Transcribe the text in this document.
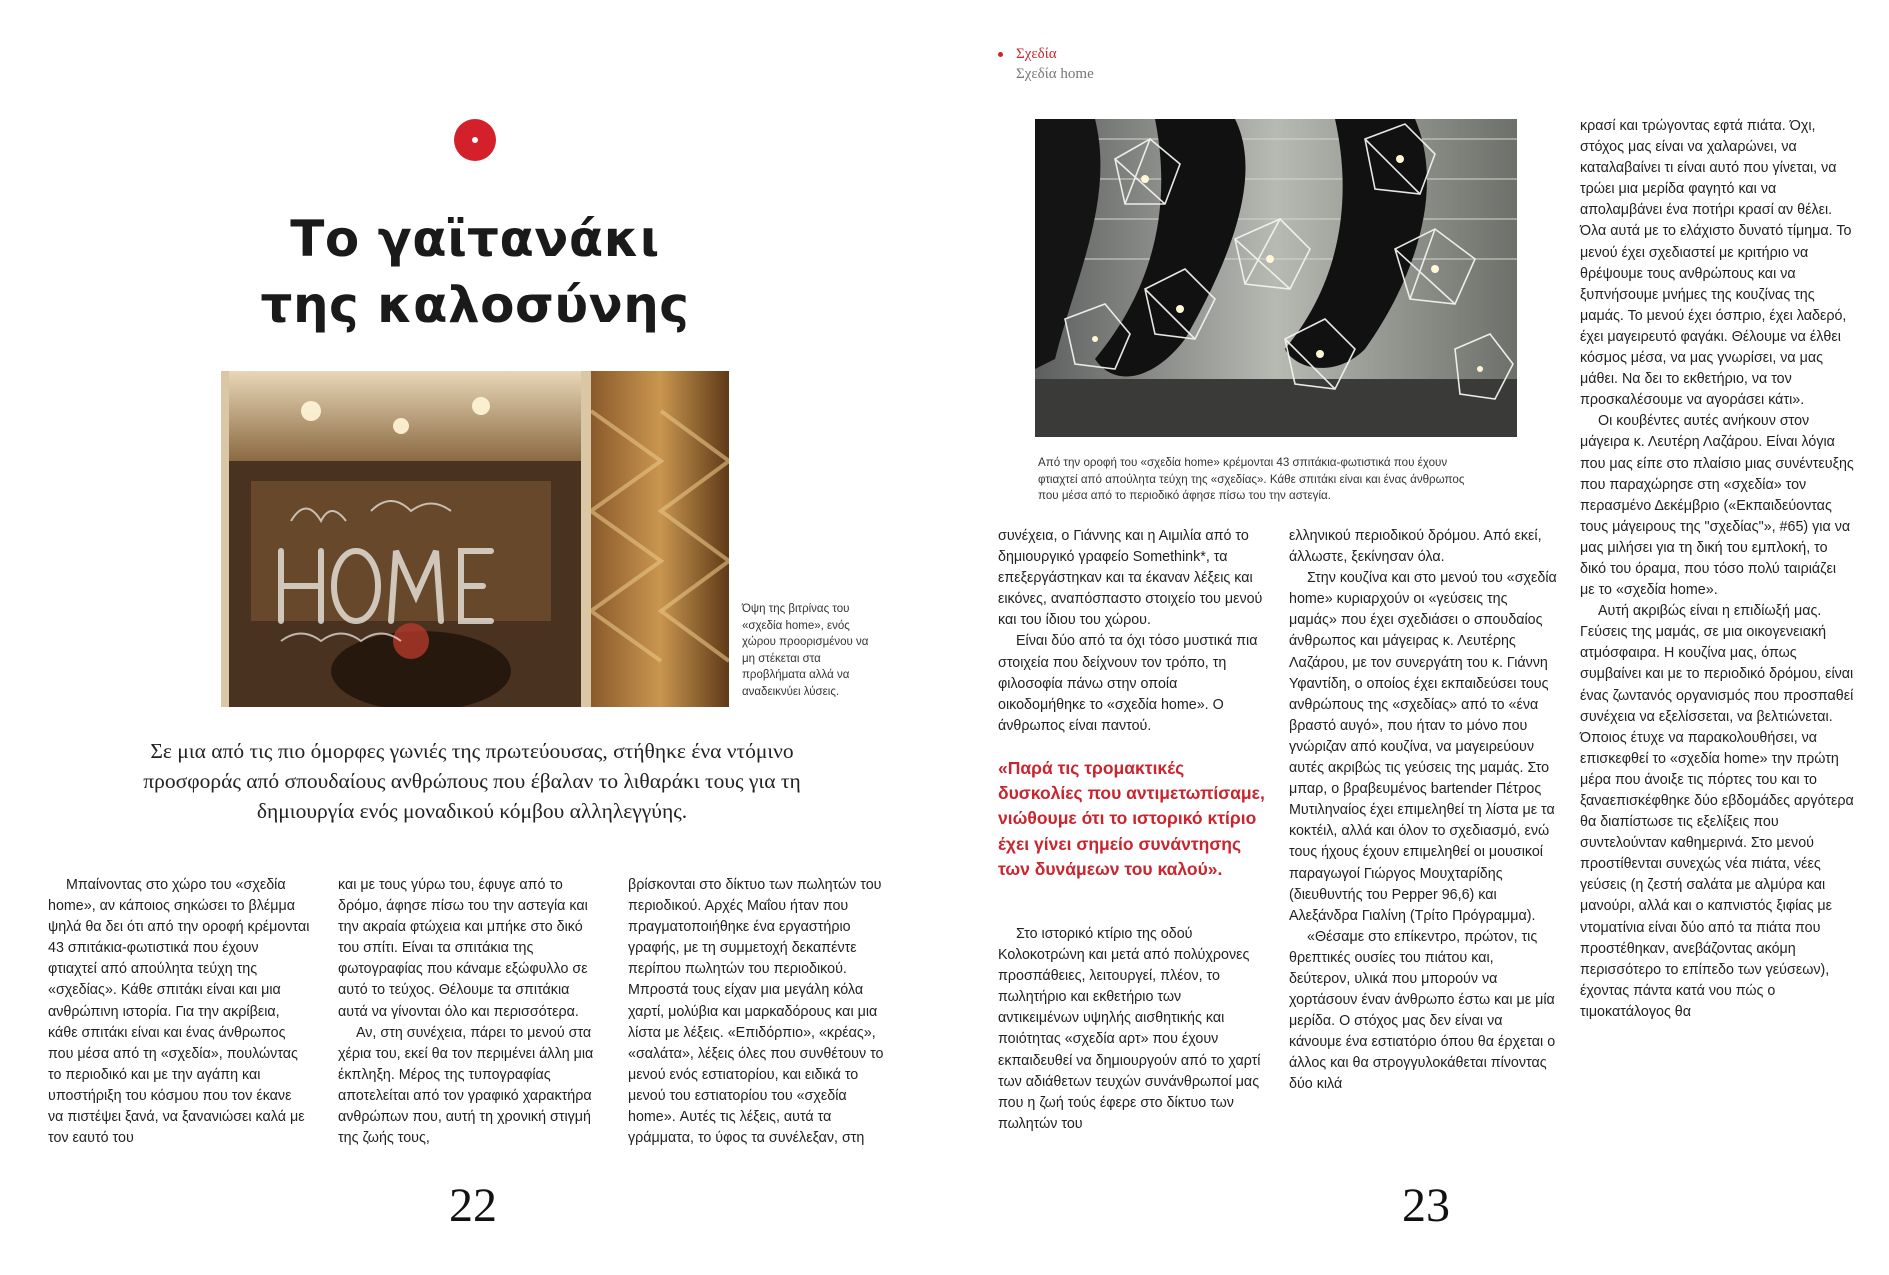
Το γαϊτανάκι
της καλοσύνης
Όψη της βιτρίνας του «σχεδία home», ενός χώρου προορισμένου να μη στέκεται στα προβλήματα αλλά να αναδεικνύει λύσεις.

Σε μια από τις πιο όμορφες γωνιές της πρωτεύουσας, στήθηκε ένα ντόμινο προσφοράς από σπουδαίους ανθρώπους που έβαλαν το λιθαράκι τους για τη δημιουργία ενός μοναδικού κόμβου αλληλεγγύης.

Μπαίνοντας στο χώρο του «σχεδία home», αν κάποιος σηκώσει το βλέμμα ψηλά θα δει ότι από την οροφή κρέμονται 43 σπιτάκια-φωτιστικά που έχουν φτιαχτεί από απούλητα τεύχη της «σχεδίας». Κάθε σπιτάκι είναι και μια ανθρώπινη ιστορία. Για την ακρίβεια, κάθε σπιτάκι είναι και ένας άνθρωπος που μέσα από τη «σχεδία», πουλώντας το περιοδικό και με την αγάπη και υποστήριξη του κόσμου που τον έκανε να πιστέψει ξανά, να ξανανιώσει καλά με τον εαυτό του

και με τους γύρω του, έφυγε από το δρόμο, άφησε πίσω του την αστεγία και την ακραία φτώχεια και μπήκε στο δικό του σπίτι. Είναι τα σπιτάκια της φωτογραφίας που κάναμε εξώφυλλο σε αυτό το τεύχος. Θέλουμε τα σπιτάκια αυτά να γίνονται όλο και περισσότερα.

Αν, στη συνέχεια, πάρει το μενού στα χέρια του, εκεί θα τον περιμένει άλλη μια έκπληξη. Μέρος της τυπογραφίας αποτελείται από τον γραφικό χαρακτήρα ανθρώπων που, αυτή τη χρονική στιγμή της ζωής τους,

βρίσκονται στο δίκτυο των πωλητών του περιοδικού. Αρχές Μαΐου ήταν που πραγματοποιήθηκε ένα εργαστήριο γραφής, με τη συμμετοχή δεκαπέντε περίπου πωλητών του περιοδικού. Μπροστά τους είχαν μια μεγάλη κόλα χαρτί, μολύβια και μαρκαδόρους και μια λίστα με λέξεις. «Επιδόρπιο», «κρέας», «σαλάτα», λέξεις όλες που συνθέτουν το μενού ενός εστιατορίου, και ειδικά το μενού του εστιατορίου του «σχεδία home». Αυτές τις λέξεις, αυτά τα γράμματα, το ύφος τα συνέλεξαν, στη

22
Σχεδία
Σχεδία home
Από την οροφή του «σχεδία home» κρέμονται 43 σπιτάκια-φωτιστικά που έχουν φτιαχτεί από απούλητα τεύχη της «σχεδίας». Κάθε σπιτάκι είναι και ένας άνθρωπος που μέσα από το περιοδικό άφησε πίσω του την αστεγία.

συνέχεια, ο Γιάννης και η Αιμιλία από το δημιουργικό γραφείο Somethink*, τα επεξεργάστηκαν και τα έκαναν λέξεις και εικόνες, αναπόσπαστο στοιχείο του μενού και του ίδιου του χώρου.

Είναι δύο από τα όχι τόσο μυστικά πια στοιχεία που δείχνουν τον τρόπο, τη φιλοσοφία πάνω στην οποία οικοδομήθηκε το «σχεδία home». Ο άνθρωπος είναι παντού.

«Παρά τις τρομακτικές δυσκολίες που αντιμετωπίσαμε, νιώθουμε ότι το ιστορικό κτίριο έχει γίνει σημείο συνάντησης των δυνάμεων του καλού».

Στο ιστορικό κτίριο της οδού Κολοκοτρώνη και μετά από πολύχρονες προσπάθειες, λειτουργεί, πλέον, το πωλητήριο και εκθετήριο των αντικειμένων υψηλής αισθητικής και ποιότητας «σχεδία αρτ» που έχουν εκπαιδευθεί να δημιουργούν από το χαρτί των αδιάθετων τευχών συνάνθρωποί μας που η ζωή τούς έφερε στο δίκτυο των πωλητών του

ελληνικού περιοδικού δρόμου. Από εκεί, άλλωστε, ξεκίνησαν όλα.

Στην κουζίνα και στο μενού του «σχεδία home» κυριαρχούν οι «γεύσεις της μαμάς» που έχει σχεδιάσει ο σπουδαίος άνθρωπος και μάγειρας κ. Λευτέρης Λαζάρου, με τον συνεργάτη του κ. Γιάννη Υφαντίδη, ο οποίος έχει εκπαιδεύσει τους ανθρώπους της «σχεδίας» από το «ένα βραστό αυγό», που ήταν το μόνο που γνώριζαν από κουζίνα, να μαγειρεύουν αυτές ακριβώς τις γεύσεις της μαμάς. Στο μπαρ, ο βραβευμένος bartender Πέτρος Μυτιληναίος έχει επιμεληθεί τη λίστα με τα κοκτέιλ, αλλά και όλον το σχεδιασμό, ενώ τους ήχους έχουν επιμεληθεί οι μουσικοί παραγωγοί Γιώργος Μουχταρίδης (διευθυντής του Pepper 96,6) και Αλεξάνδρα Γιαλίνη (Τρίτο Πρόγραμμα).

«Θέσαμε στο επίκεντρο, πρώτον, τις θρεπτικές ουσίες του πιάτου και, δεύτερον, υλικά που μπορούν να χορτάσουν έναν άνθρωπο έστω και με μία μερίδα. Ο στόχος μας δεν είναι να κάνουμε ένα εστιατόριο όπου θα έρχεται ο άλλος και θα στρογγυλοκάθεται πίνοντας δύο κιλά

κρασί και τρώγοντας εφτά πιάτα. Όχι, στόχος μας είναι να χαλαρώνει, να καταλαβαίνει τι είναι αυτό που γίνεται, να τρώει μια μερίδα φαγητό και να απολαμβάνει ένα ποτήρι κρασί αν θέλει. Όλα αυτά με το ελάχιστο δυνατό τίμημα. Το μενού έχει σχεδιαστεί με κριτήριο να θρέψουμε τους ανθρώπους και να ξυπνήσουμε μνήμες της κουζίνας της μαμάς. Το μενού έχει όσπριο, έχει λαδερό, έχει μαγειρευτό φαγάκι. Θέλουμε να έλθει κόσμος μέσα, να μας γνωρίσει, να μας μάθει. Να δει το εκθετήριο, να τον προσκαλέσουμε να αγοράσει κάτι».

Οι κουβέντες αυτές ανήκουν στον μάγειρα κ. Λευτέρη Λαζάρου. Είναι λόγια που μας είπε στο πλαίσιο μιας συνέντευξης που παραχώρησε στη «σχεδία» τον περασμένο Δεκέμβριο («Εκπαιδεύοντας τους μάγειρους της "σχεδίας"», #65) για να μας μιλήσει για τη δική του εμπλοκή, το δικό του όραμα, που τόσο πολύ ταιριάζει με το «σχεδία home».

Αυτή ακριβώς είναι η επιδίωξή μας. Γεύσεις της μαμάς, σε μια οικογενειακή ατμόσφαιρα. Η κουζίνα μας, όπως συμβαίνει και με το περιοδικό δρόμου, είναι ένας ζωντανός οργανισμός που προσπαθεί συνέχεια να εξελίσσεται, να βελτιώνεται. Όποιος έτυχε να παρακολουθήσει, να επισκεφθεί το «σχεδία home» την πρώτη μέρα που άνοιξε τις πόρτες του και το ξαναεπισκέφθηκε δύο εβδομάδες αργότερα θα διαπίστωσε τις εξελίξεις που συντελούνταν καθημερινά. Στο μενού προστίθενται συνεχώς νέα πιάτα, νέες γεύσεις (η ζεστή σαλάτα με αλμύρα και μανούρι, αλλά και ο καπνιστός ξιφίας με ντοματίνια είναι δύο από τα πιάτα που προστέθηκαν, ανεβάζοντας ακόμη περισσότερο το επίπεδο των γεύσεων), έχοντας πάντα κατά νου πώς ο τιμοκατάλογος θα

23
